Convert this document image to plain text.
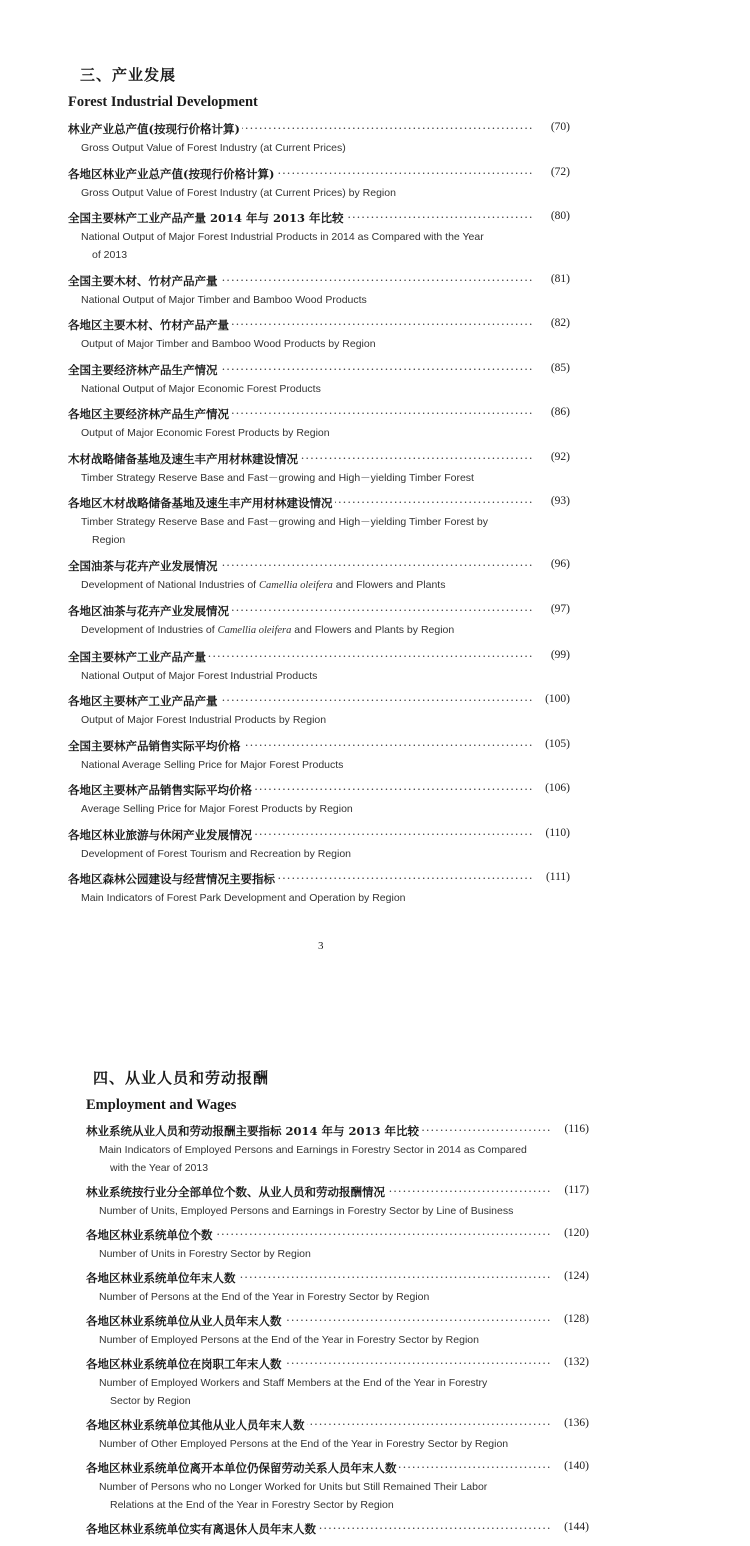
三、产业发展
Forest Industrial Development
·····
林业产业总产值(按现行价格计算)	(70)
Gross Output Value of Forest Industry (at Current Prices)
·····
各地区林业产业总产值(按现行价格计算)	(72)
Gross Output Value of Forest Industry (at Current Prices) by Region
·····
全国主要林产工业产品产量 2014 年与 2013 年比较	(80)
National Output of Major Forest Industrial Products in 2014 as Compared with the Year
of 2013
·····
全国主要木材、竹材产品产量	(81)
National Output of Major Timber and Bamboo Wood Products
·····
各地区主要木材、竹材产品产量	(82)
Output of Major Timber and Bamboo Wood Products by Region
·····
全国主要经济林产品生产情况	(85)
National Output of Major Economic Forest Products
·····
各地区主要经济林产品生产情况	(86)
Output of Major Economic Forest Products by Region
·····
木材战略储备基地及速生丰产用材林建设情况	(92)
Timber Strategy Reserve Base and Fast－growing and High－yielding Timber Forest
·····
各地区木材战略储备基地及速生丰产用材林建设情况	(93)
Timber Strategy Reserve Base and Fast－growing and High－yielding Timber Forest by
Region
·····
全国油茶与花卉产业发展情况	(96)
Development of National Industries of Camellia oleifera and Flowers and Plants
·····
各地区油茶与花卉产业发展情况	(97)
Development of Industries of Camellia oleifera and Flowers and Plants by Region
·····
全国主要林产工业产品产量	(99)
National Output of Major Forest Industrial Products
·····
各地区主要林产工业产品产量	(100)
Output of Major Forest Industrial Products by Region
·····
全国主要林产品销售实际平均价格	(105)
National Average Selling Price for Major Forest Products
·····
各地区主要林产品销售实际平均价格	(106)
Average Selling Price for Major Forest Products by Region
·····
各地区林业旅游与休闲产业发展情况	(110)
Development of Forest Tourism and Recreation by Region
·····
各地区森林公园建设与经营情况主要指标	(111)
Main Indicators of Forest Park Development and Operation by Region
3
四、从业人员和劳动报酬
Employment and Wages
·····
林业系统从业人员和劳动报酬主要指标 2014 年与 2013 年比较	(116)
Main Indicators of Employed Persons and Earnings in Forestry Sector in 2014 as Compared
with the Year of 2013
·····
林业系统按行业分全部单位个数、从业人员和劳动报酬情况	(117)
Number of Units, Employed Persons and Earnings in Forestry Sector by Line of Business
·····
各地区林业系统单位个数	(120)
Number of Units in Forestry Sector by Region
·····
各地区林业系统单位年末人数	(124)
Number of Persons at the End of the Year in Forestry Sector by Region
·····
各地区林业系统单位从业人员年末人数	(128)
Number of Employed Persons at the End of the Year in Forestry Sector by Region
·····
各地区林业系统单位在岗职工年末人数	(132)
Number of Employed Workers and Staff Members at the End of the Year in Forestry
Sector by Region
·····
各地区林业系统单位其他从业人员年末人数	(136)
Number of Other Employed Persons at the End of the Year in Forestry Sector by Region
·····
各地区林业系统单位离开本单位仍保留劳动关系人员年末人数	(140)
Number of Persons who no Longer Worked for Units but Still Remained Their Labor
Relations at the End of the Year in Forestry Sector by Region
·····
各地区林业系统单位实有离退休人员年末人数	(144)
